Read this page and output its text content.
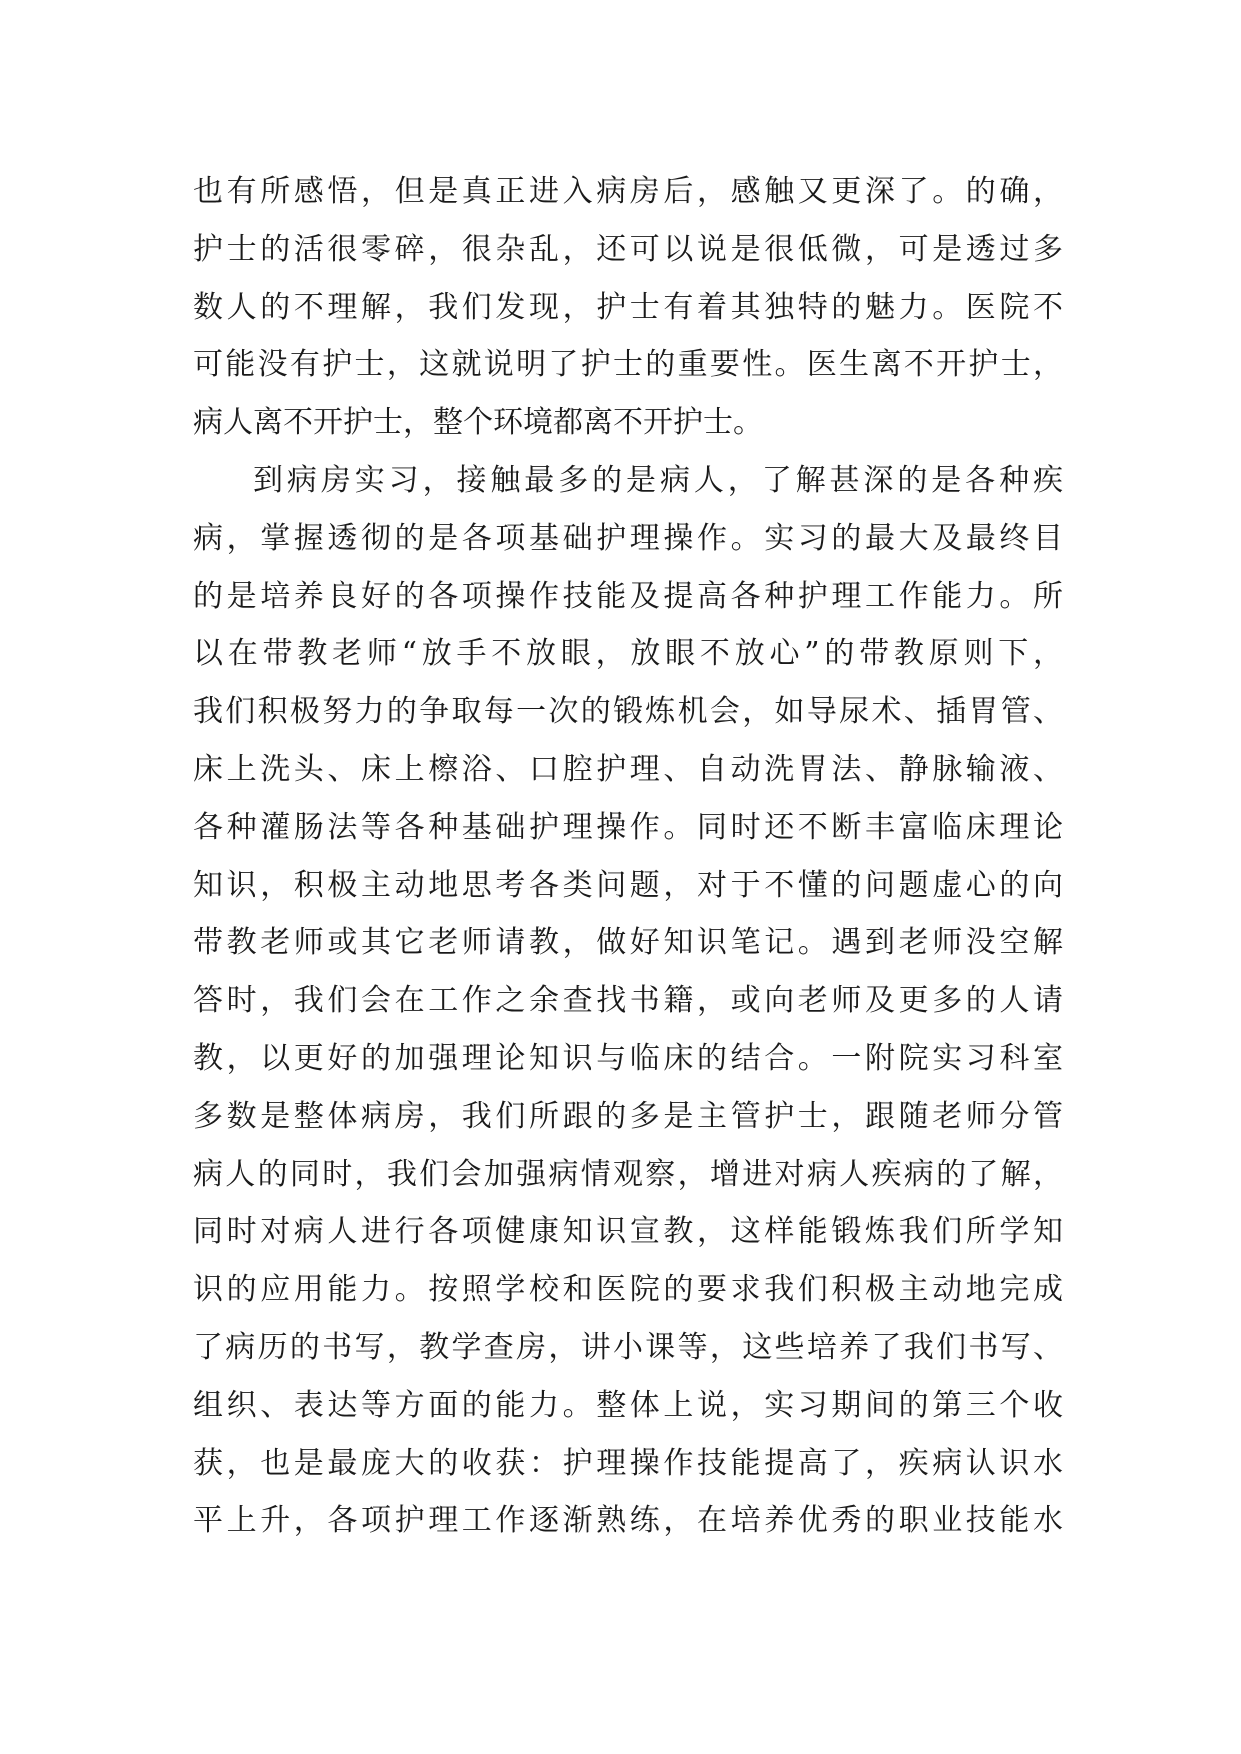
也有所感悟，但是真正进入病房后，感触又更深了。的确，
护士的活很零碎，很杂乱，还可以说是很低微，可是透过多
数人的不理解，我们发现，护士有着其独特的魅力。医院不
可能没有护士，这就说明了护士的重要性。医生离不开护士，
病人离不开护士，整个环境都离不开护士。
到病房实习，接触最多的是病人，了解甚深的是各种疾
病，掌握透彻的是各项基础护理操作。实习的最大及最终目
的是培养良好的各项操作技能及提高各种护理工作能力。所
以在带教老师“放手不放眼，放眼不放心”的带教原则下，
我们积极努力的争取每一次的锻炼机会，如导尿术、插胃管、
床上洗头、床上檫浴、口腔护理、自动洗胃法、静脉输液、
各种灌肠法等各种基础护理操作。同时还不断丰富临床理论
知识，积极主动地思考各类问题，对于不懂的问题虚心的向
带教老师或其它老师请教，做好知识笔记。遇到老师没空解
答时，我们会在工作之余查找书籍，或向老师及更多的人请
教，以更好的加强理论知识与临床的结合。一附院实习科室
多数是整体病房，我们所跟的多是主管护士，跟随老师分管
病人的同时，我们会加强病情观察，增进对病人疾病的了解，
同时对病人进行各项健康知识宣教，这样能锻炼我们所学知
识的应用能力。按照学校和医院的要求我们积极主动地完成
了病历的书写，教学查房，讲小课等，这些培养了我们书写、
组织、表达等方面的能力。整体上说，实习期间的第三个收
获，也是最庞大的收获：护理操作技能提高了，疾病认识水
平上升，各项护理工作逐渐熟练，在培养优秀的职业技能水
